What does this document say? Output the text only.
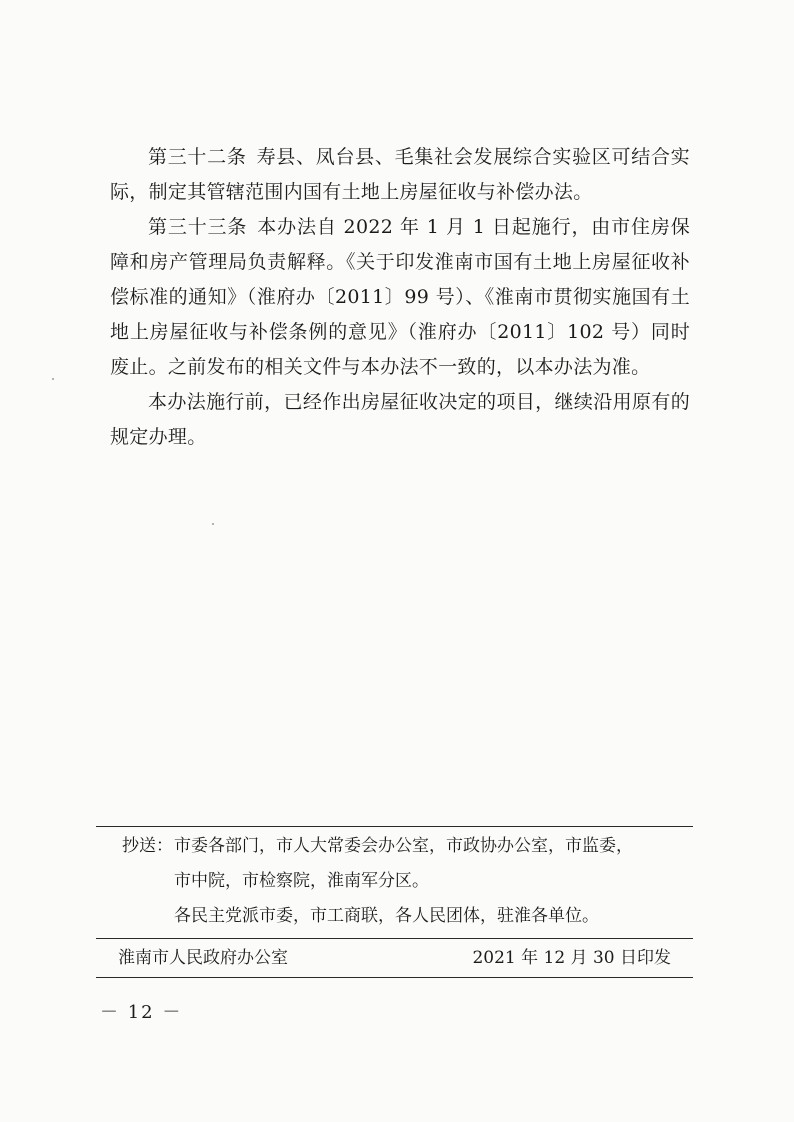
第三十二条 寿县、凤台县、毛集社会发展综合实验区可结合实际，制定其管辖范围内国有土地上房屋征收与补偿办法。

第三十三条 本办法自 2022 年 1 月 1 日起施行，由市住房保障和房产管理局负责解释。《关于印发淮南市国有土地上房屋征收补偿标准的通知》（淮府办〔2011〕99 号）、《淮南市贯彻实施国有土地上房屋征收与补偿条例的意见》（淮府办〔2011〕102 号）同时废止。之前发布的相关文件与本办法不一致的，以本办法为准。

本办法施行前，已经作出房屋征收决定的项目，继续沿用原有的规定办理。

抄送： 市委各部门，市人大常委会办公室，市政协办公室，市监委，
市中院，市检察院，淮南军分区。
各民主党派市委，市工商联，各人民团体，驻淮各单位。
淮南市人民政府办公室	2021 年 12 月 30 日印发
－ 12 －
